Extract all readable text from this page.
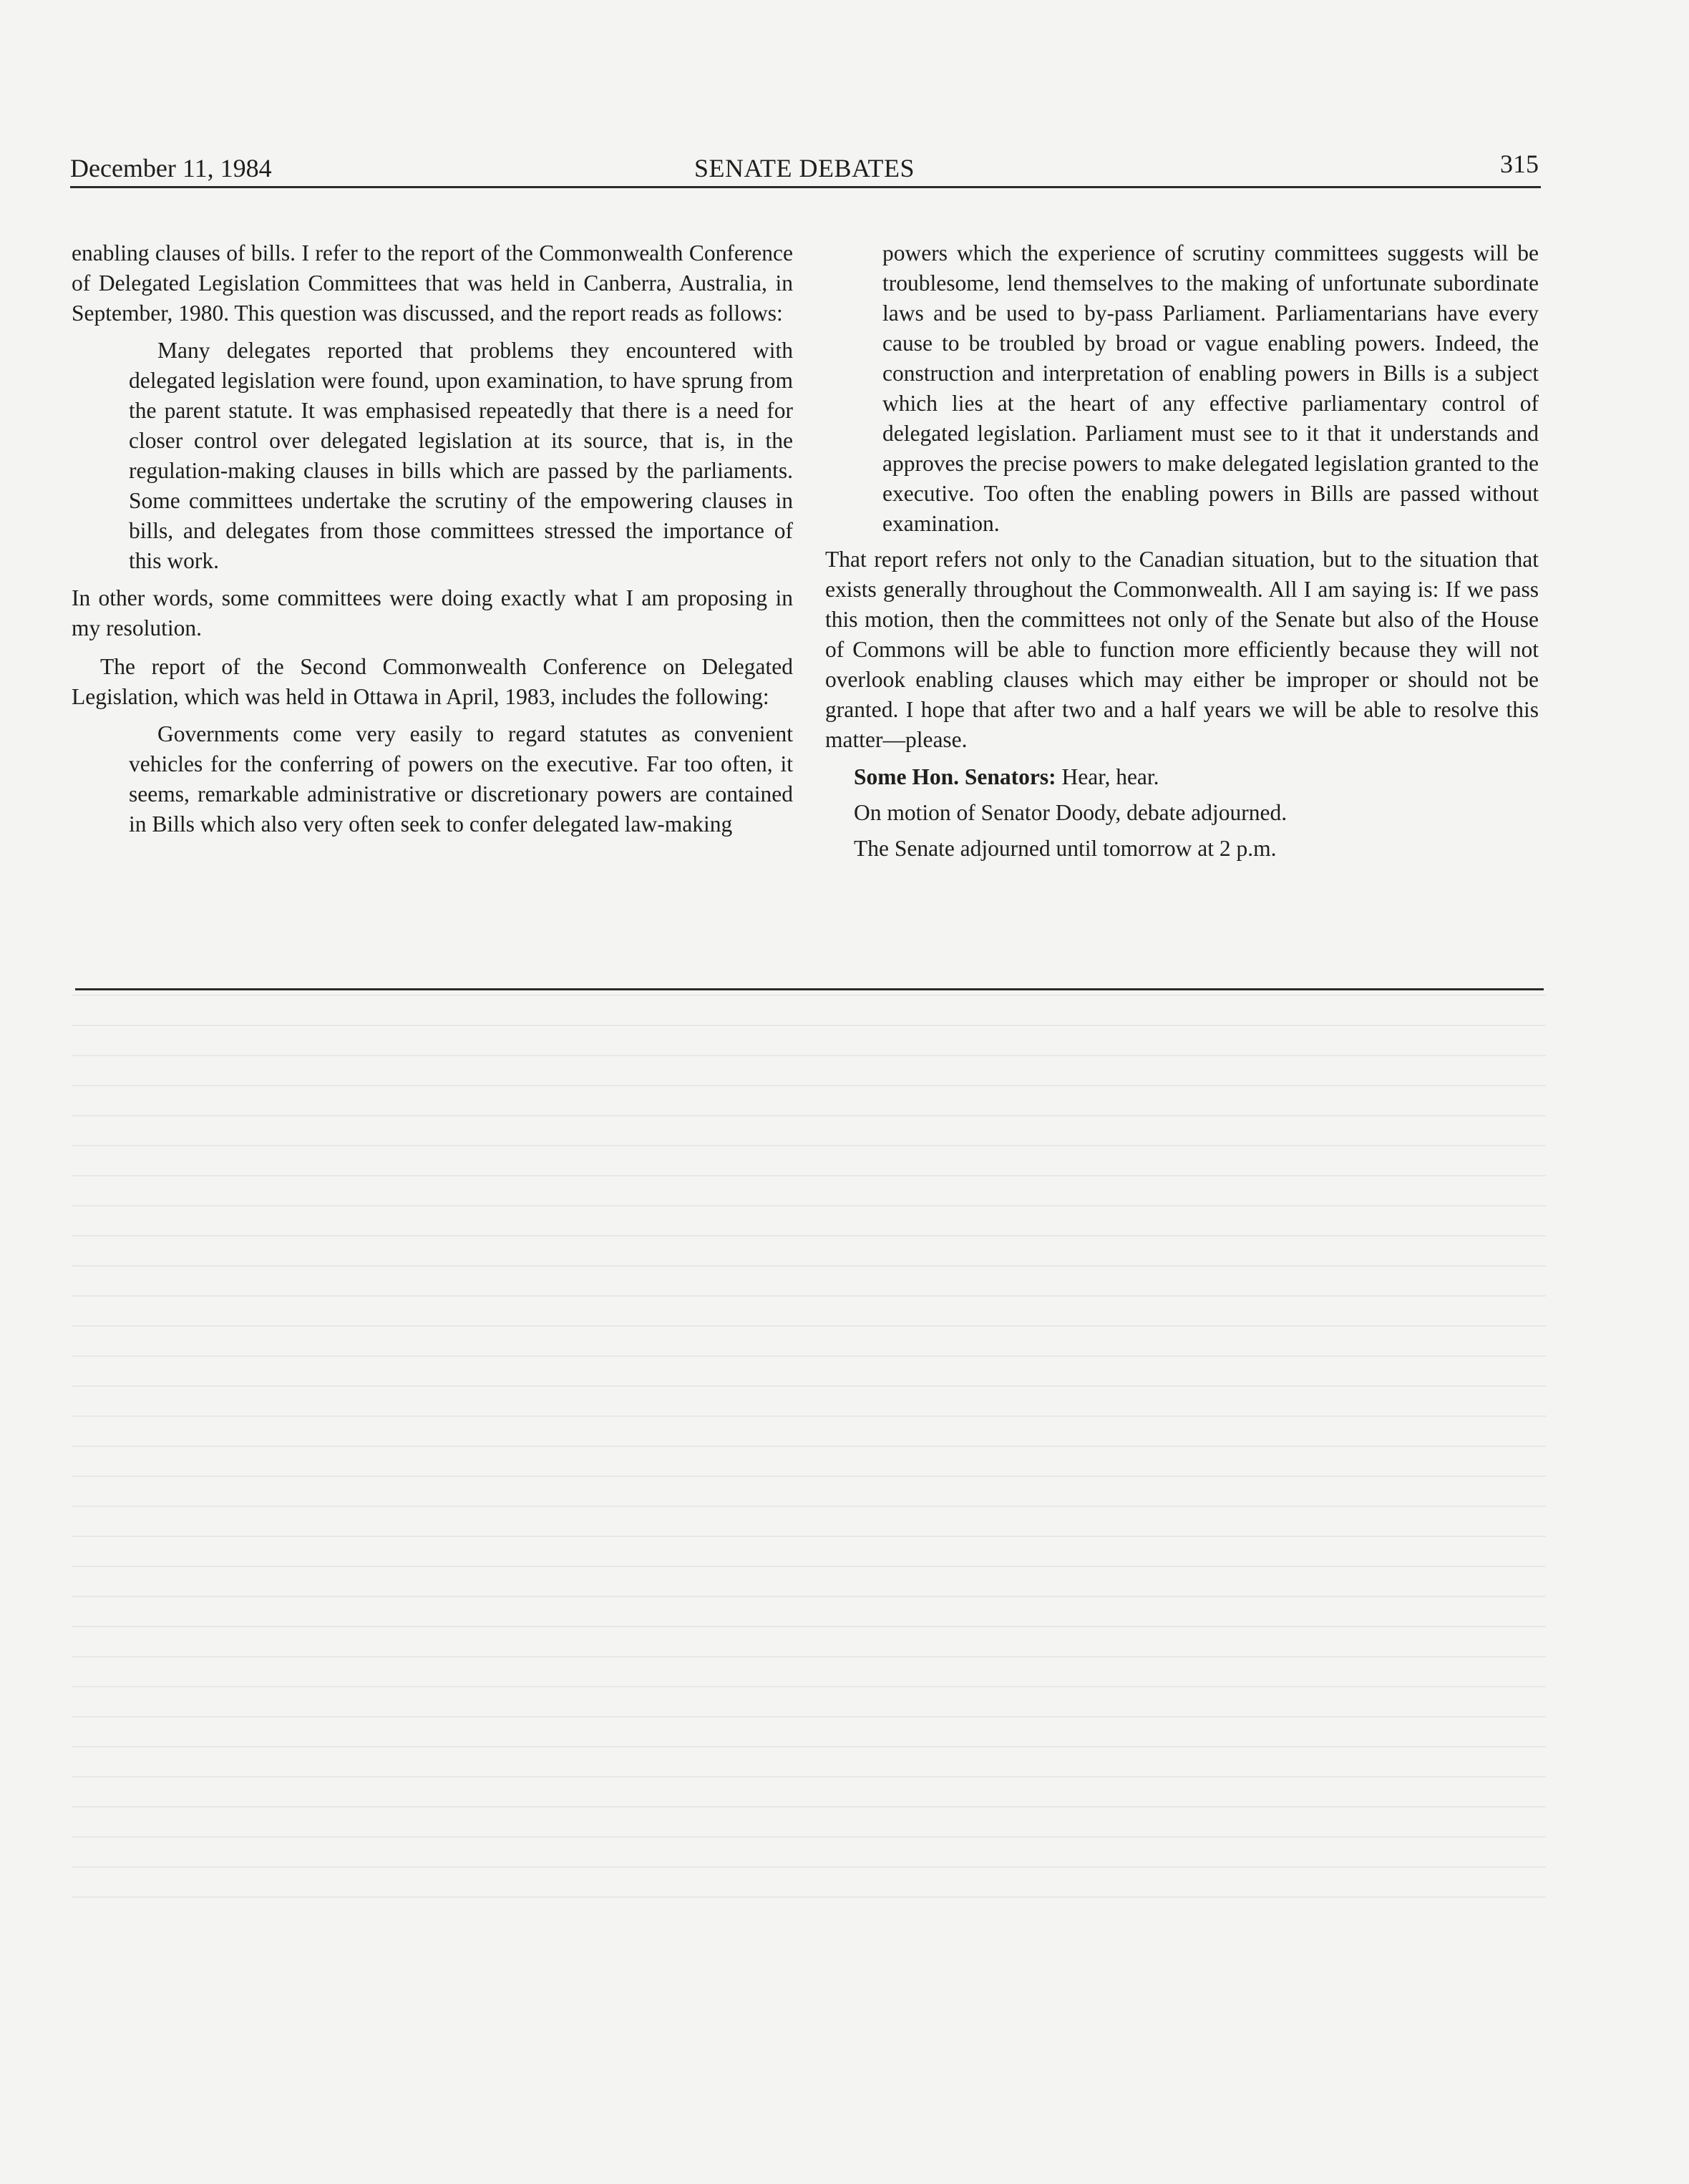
December 11, 1984	SENATE DEBATES	315

enabling clauses of bills. I refer to the report of the Commonwealth Conference of Delegated Legislation Committees that was held in Canberra, Australia, in September, 1980. This question was discussed, and the report reads as follows:

Many delegates reported that problems they encountered with delegated legislation were found, upon examination, to have sprung from the parent statute. It was emphasised repeatedly that there is a need for closer control over delegated legislation at its source, that is, in the regulation-making clauses in bills which are passed by the parliaments. Some committees undertake the scrutiny of the empowering clauses in bills, and delegates from those committees stressed the importance of this work.

In other words, some committees were doing exactly what I am proposing in my resolution.

The report of the Second Commonwealth Conference on Delegated Legislation, which was held in Ottawa in April, 1983, includes the following:

Governments come very easily to regard statutes as convenient vehicles for the conferring of powers on the executive. Far too often, it seems, remarkable administrative or discretionary powers are contained in Bills which also very often seek to confer delegated law-making

powers which the experience of scrutiny committees suggests will be troublesome, lend themselves to the making of unfortunate subordinate laws and be used to by-pass Parliament. Parliamentarians have every cause to be troubled by broad or vague enabling powers. Indeed, the construction and interpretation of enabling powers in Bills is a subject which lies at the heart of any effective parliamentary control of delegated legislation. Parliament must see to it that it understands and approves the precise powers to make delegated legislation granted to the executive. Too often the enabling powers in Bills are passed without examination.

That report refers not only to the Canadian situation, but to the situation that exists generally throughout the Commonwealth. All I am saying is: If we pass this motion, then the committees not only of the Senate but also of the House of Commons will be able to function more efficiently because they will not overlook enabling clauses which may either be improper or should not be granted. I hope that after two and a half years we will be able to resolve this matter—please.

Some Hon. Senators: Hear, hear.

On motion of Senator Doody, debate adjourned.

The Senate adjourned until tomorrow at 2 p.m.
